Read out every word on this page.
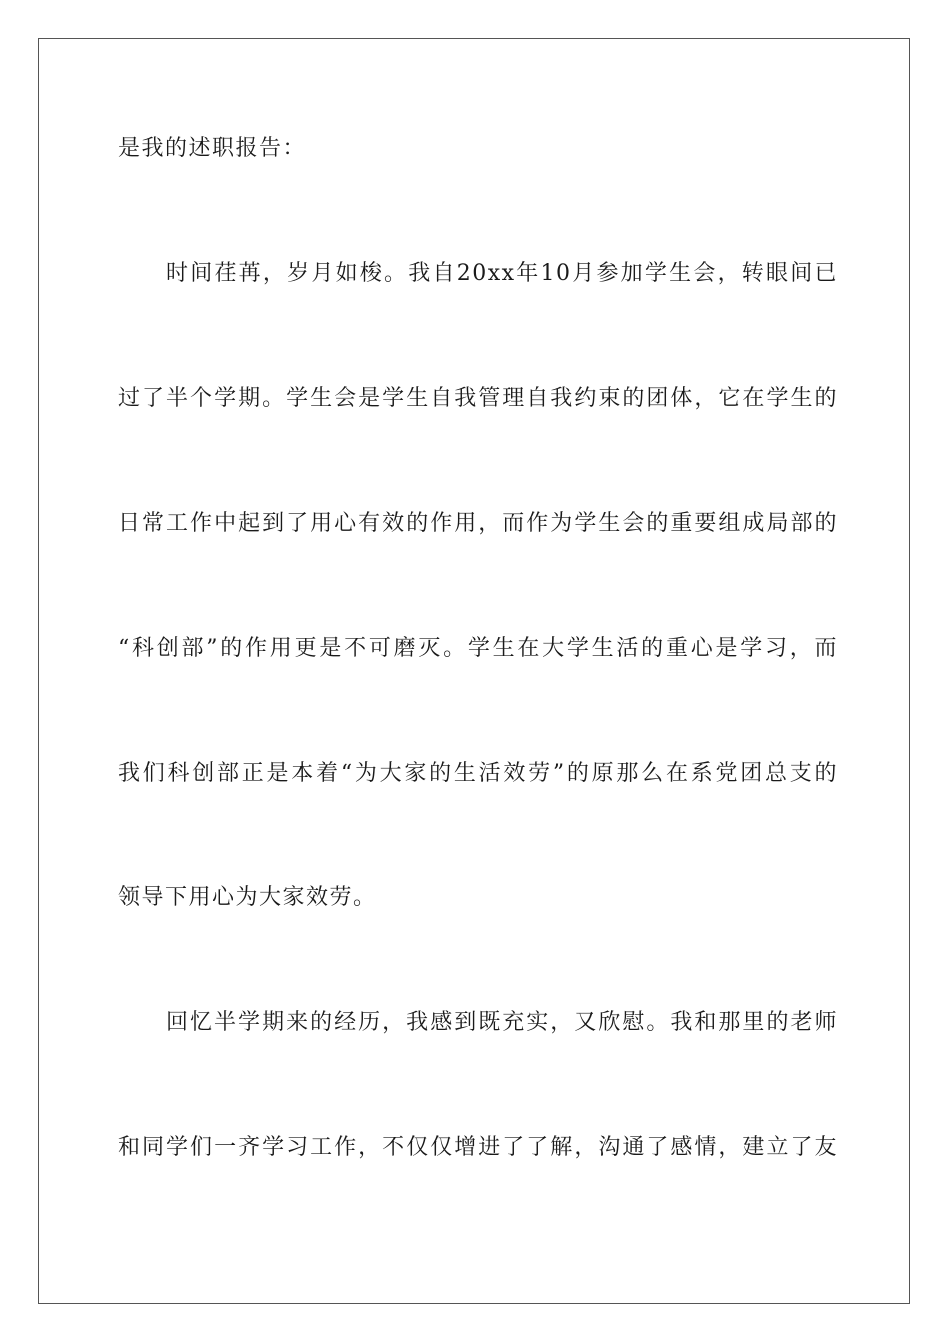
是我的述职报告：
时间荏苒，岁月如梭。我自20xx年10月参加学生会，转眼间已
过了半个学期。学生会是学生自我管理自我约束的团体，它在学生的
日常工作中起到了用心有效的作用，而作为学生会的重要组成局部的
“科创部”的作用更是不可磨灭。学生在大学生活的重心是学习，而
我们科创部正是本着“为大家的生活效劳”的原那么在系党团总支的
领导下用心为大家效劳。
回忆半学期来的经历，我感到既充实，又欣慰。我和那里的老师
和同学们一齐学习工作，不仅仅增进了了解，沟通了感情，建立了友
